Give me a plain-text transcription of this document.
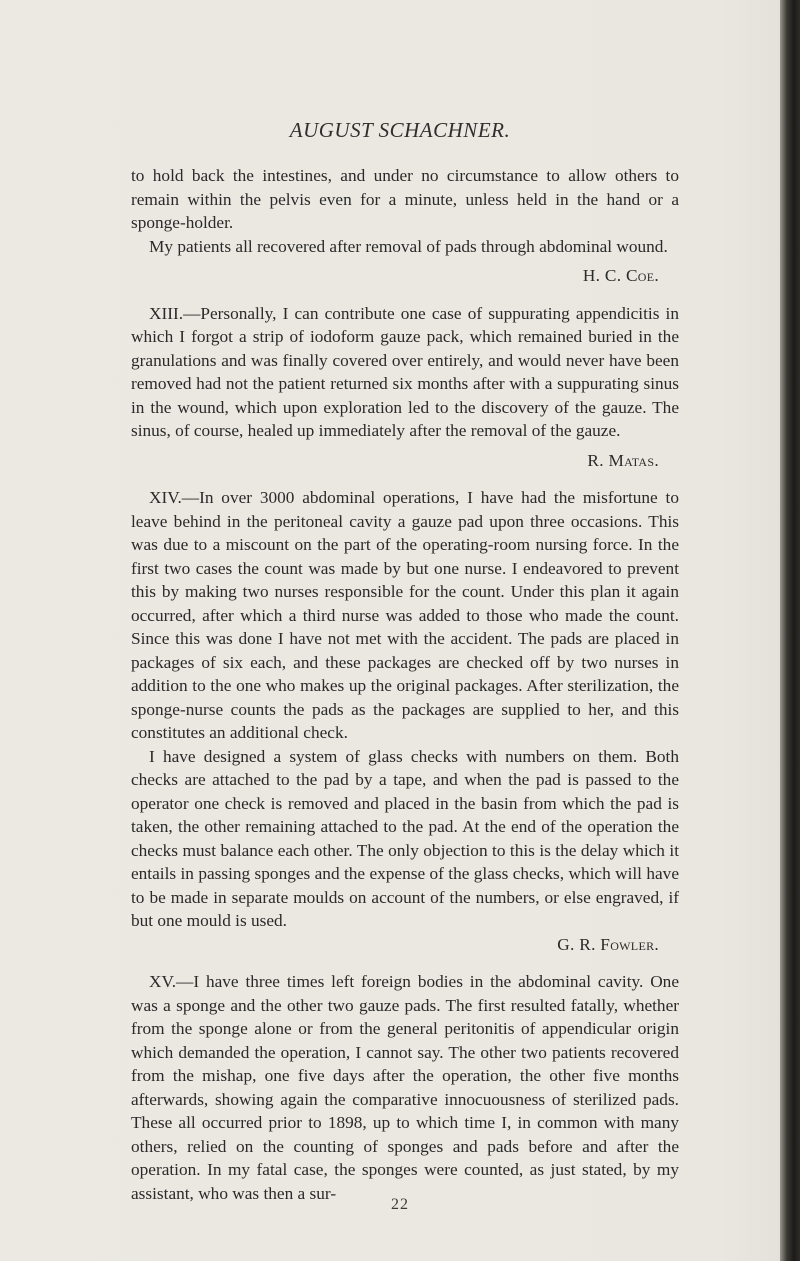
AUGUST SCHACHNER.

to hold back the intestines, and under no circumstance to allow others to remain within the pelvis even for a minute, unless held in the hand or a sponge-holder.

My patients all recovered after removal of pads through abdominal wound.

H. C. Coe.

XIII.—Personally, I can contribute one case of suppurating appendicitis in which I forgot a strip of iodoform gauze pack, which remained buried in the granulations and was finally covered over entirely, and would never have been removed had not the patient returned six months after with a suppurating sinus in the wound, which upon exploration led to the discovery of the gauze. The sinus, of course, healed up immediately after the removal of the gauze.

R. Matas.

XIV.—In over 3000 abdominal operations, I have had the misfortune to leave behind in the peritoneal cavity a gauze pad upon three occasions. This was due to a miscount on the part of the operating-room nursing force. In the first two cases the count was made by but one nurse. I endeavored to prevent this by making two nurses responsible for the count. Under this plan it again occurred, after which a third nurse was added to those who made the count. Since this was done I have not met with the accident. The pads are placed in packages of six each, and these packages are checked off by two nurses in addition to the one who makes up the original packages. After sterilization, the sponge-nurse counts the pads as the packages are supplied to her, and this constitutes an additional check.

I have designed a system of glass checks with numbers on them. Both checks are attached to the pad by a tape, and when the pad is passed to the operator one check is removed and placed in the basin from which the pad is taken, the other remaining attached to the pad. At the end of the operation the checks must balance each other. The only objection to this is the delay which it entails in passing sponges and the expense of the glass checks, which will have to be made in separate moulds on account of the numbers, or else engraved, if but one mould is used.

G. R. Fowler.

XV.—I have three times left foreign bodies in the abdominal cavity. One was a sponge and the other two gauze pads. The first resulted fatally, whether from the sponge alone or from the general peritonitis of appendicular origin which demanded the operation, I cannot say. The other two patients recovered from the mishap, one five days after the operation, the other five months afterwards, showing again the comparative innocuousness of sterilized pads. These all occurred prior to 1898, up to which time I, in common with many others, relied on the counting of sponges and pads before and after the operation. In my fatal case, the sponges were counted, as just stated, by my assistant, who was then a sur-

22
